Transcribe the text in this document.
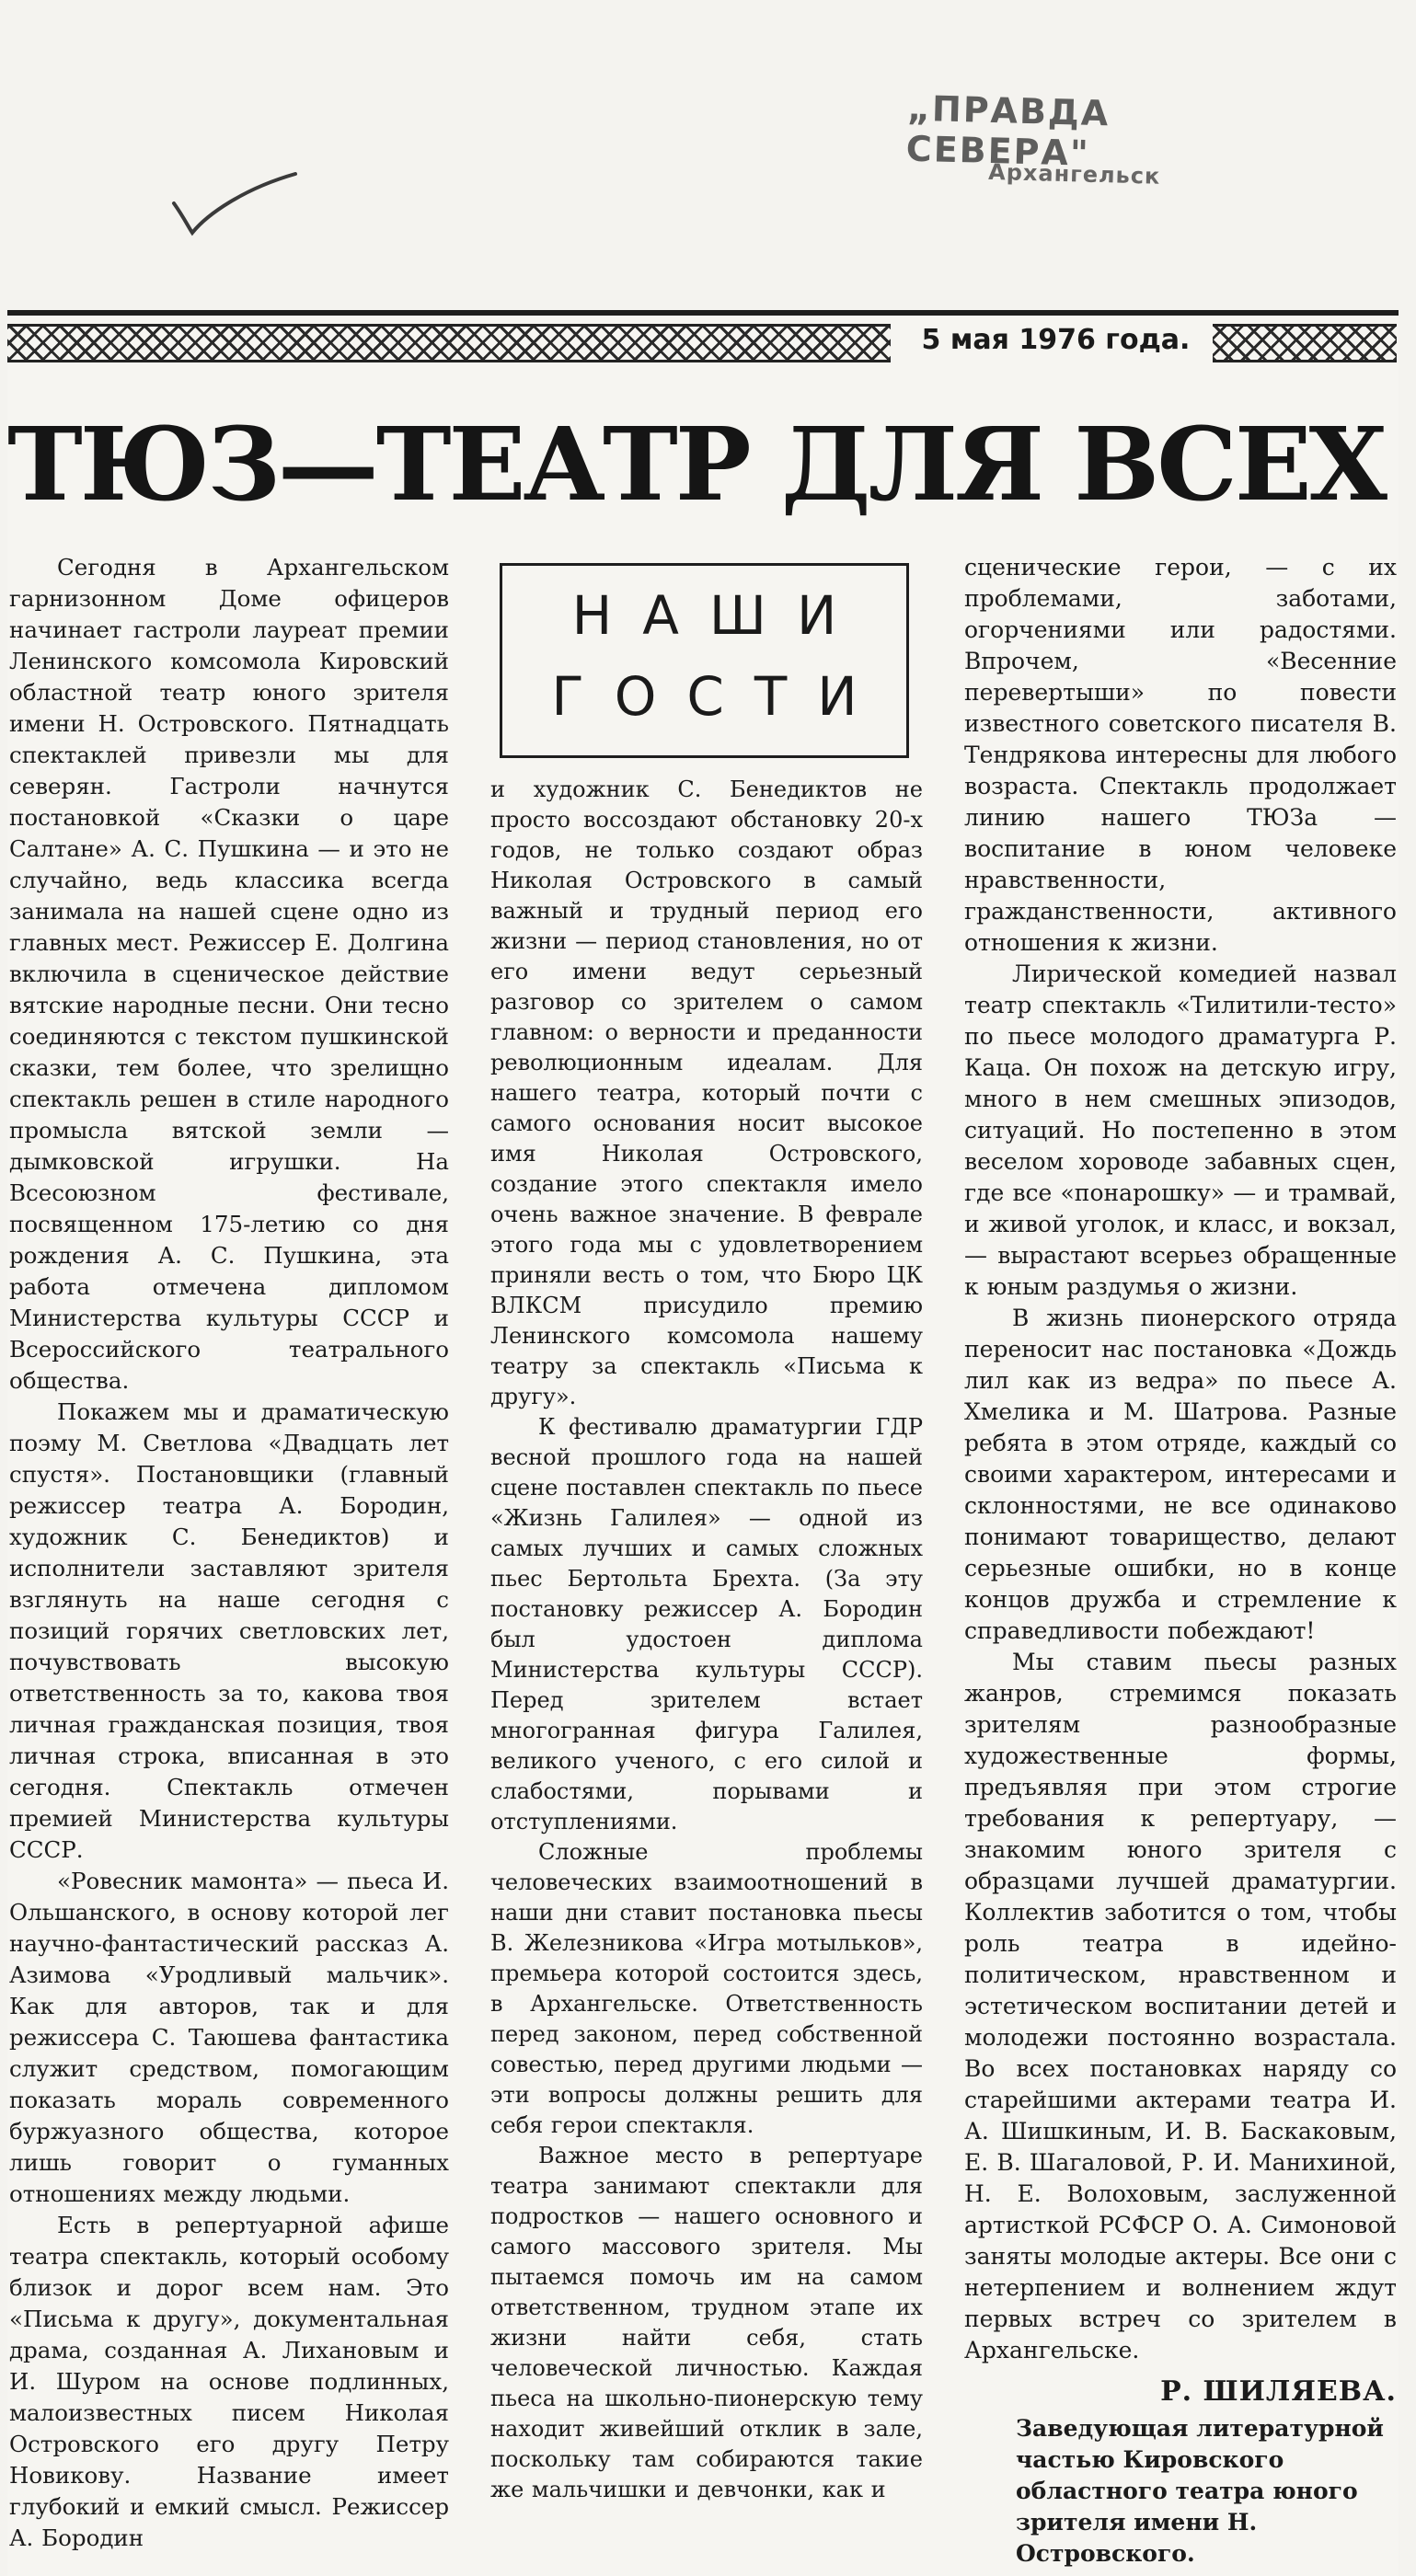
„ПРАВДА СЕВЕРА"
Архангельск
5 мая 1976 года.
ТЮЗ—ТЕАТР ДЛЯ ВСЕХ
НАШИ
ГОСТИ

Сегодня в Архангельском гарнизонном Доме офицеров начинает гастроли лауреат премии Ленинского комсомола Кировский областной театр юного зрителя имени Н. Островского. Пятнадцать спектаклей привезли мы для северян. Гастроли начнутся постановкой «Сказки о царе Салтане» А. С. Пушкина — и это не случайно, ведь классика всегда занимала на нашей сцене одно из главных мест. Режиссер Е. Долгина включила в сценическое действие вятские народные песни. Они тесно соединяются с текстом пушкинской сказки, тем более, что зрелищно спектакль решен в стиле народного промысла вятской земли — дымковской игрушки. На Всесоюзном фестивале, посвященном 175-летию со дня рождения А. С. Пушкина, эта работа отмечена дипломом Министерства культуры СССР и Всероссийского театрального общества.

Покажем мы и драматическую поэму М. Светлова «Двадцать лет спустя». Постановщики (главный режиссер театра А. Бородин, художник С. Бенедиктов) и исполнители заставляют зрителя взглянуть на наше сегодня с позиций горячих светловских лет, почувствовать высокую ответственность за то, какова твоя личная гражданская позиция, твоя личная строка, вписанная в это сегодня. Спектакль отмечен премией Министерства культуры СССР.

«Ровесник мамонта» — пьеса И. Ольшанского, в основу которой лег научно-фантастический рассказ А. Азимова «Уродливый мальчик». Как для авторов, так и для режиссера С. Таюшева фантастика служит средством, помогающим показать мораль современного буржуазного общества, которое лишь говорит о гуманных отношениях между людьми.

Есть в репертуарной афише театра спектакль, который особому близок и дорог всем нам. Это «Письма к другу», документальная драма, созданная А. Лихановым и И. Шуром на основе подлинных, малоизвестных писем Николая Островского его другу Петру Новикову. Название имеет глубокий и емкий смысл. Режиссер А. Бородин

и художник С. Бенедиктов не просто воссоздают обстановку 20-х годов, не только создают образ Николая Островского в самый важный и трудный период его жизни — период становления, но от его имени ведут серьезный разговор со зрителем о самом главном: о верности и преданности революционным идеалам. Для нашего театра, который почти с самого основания носит высокое имя Николая Островского, создание этого спектакля имело очень важное значение. В феврале этого года мы с удовлетворением приняли весть о том, что Бюро ЦК ВЛКСМ присудило премию Ленинского комсомола нашему театру за спектакль «Письма к другу».

К фестивалю драматургии ГДР весной прошлого года на нашей сцене поставлен спектакль по пьесе «Жизнь Галилея» — одной из самых лучших и самых сложных пьес Бертольта Брехта. (За эту постановку режиссер А. Бородин был удостоен диплома Министерства культуры СССР). Перед зрителем встает многогранная фигура Галилея, великого ученого, с его силой и слабостями, порывами и отступлениями.

Сложные проблемы человеческих взаимоотношений в наши дни ставит постановка пьесы В. Железникова «Игра мотыльков», премьера которой состоится здесь, в Архангельске. Ответственность перед законом, перед собственной совестью, перед другими людьми — эти вопросы должны решить для себя герои спектакля.

Важное место в репертуаре театра занимают спектакли для подростков — нашего основного и самого массового зрителя. Мы пытаемся помочь им на самом ответственном, трудном этапе их жизни найти себя, стать человеческой личностью. Каждая пьеса на школьно-пионерскую тему находит живейший отклик в зале, поскольку там собираются такие же мальчишки и девчонки, как и

сценические герои, — с их проблемами, заботами, огорчениями или радостями. Впрочем, «Весенние перевертыши» по повести известного советского писателя В. Тендрякова интересны для любого возраста. Спектакль продолжает линию нашего ТЮЗа — воспитание в юном человеке нравственности, гражданственности, активного отношения к жизни.

Лирической комедией назвал театр спектакль «Тилитили-тесто» по пьесе молодого драматурга Р. Каца. Он похож на детскую игру, много в нем смешных эпизодов, ситуаций. Но постепенно в этом веселом хороводе забавных сцен, где все «понарошку» — и трамвай, и живой уголок, и класс, и вокзал, — вырастают всерьез обращенные к юным раздумья о жизни.

В жизнь пионерского отряда переносит нас постановка «Дождь лил как из ведра» по пьесе А. Хмелика и М. Шатрова. Разные ребята в этом отряде, каждый со своими характером, интересами и склонностями, не все одинаково понимают товарищество, делают серьезные ошибки, но в конце концов дружба и стремление к справедливости побеждают!

Мы ставим пьесы разных жанров, стремимся показать зрителям разнообразные художественные формы, предъявляя при этом строгие требования к репертуару, — знакомим юного зрителя с образцами лучшей драматургии. Коллектив заботится о том, чтобы роль театра в идейно-политическом, нравственном и эстетическом воспитании детей и молодежи постоянно возрастала. Во всех постановках наряду со старейшими актерами театра И. А. Шишкиным, И. В. Баскаковым, Е. В. Шагаловой, Р. И. Маниxиной, Н. Е. Волоховым, заслуженной артисткой РСФСР О. А. Симоновой заняты молодые актеры. Все они с нетерпением и волнением ждут первых встреч со зрителем в Архангельске.

Р. ШИЛЯЕВА.
Заведующая литературной частью Кировского областного театра юного зрителя имени Н. Островского.
